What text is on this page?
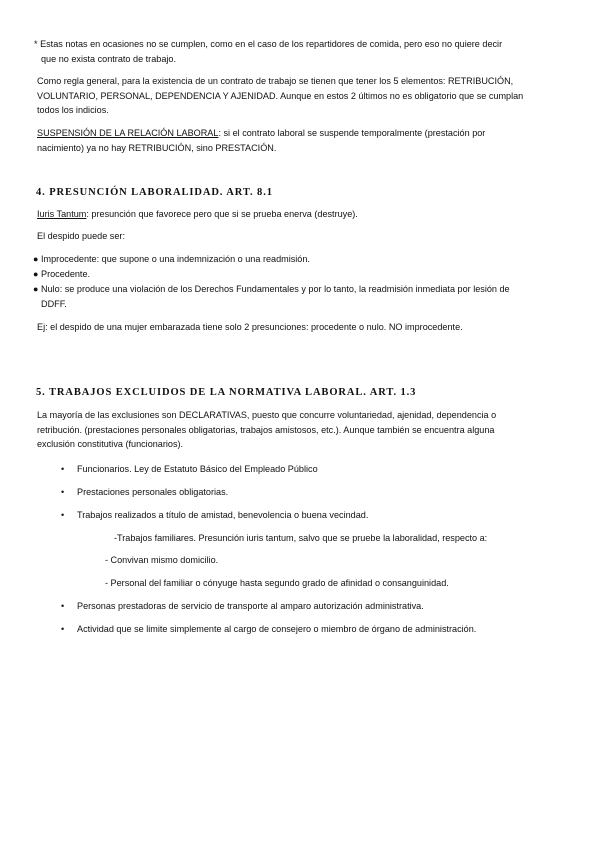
* Estas notas en ocasiones no se cumplen, como en el caso de los repartidores de comida, pero eso no quiere decir

que no exista contrato de trabajo.

Como regla general, para la existencia de un contrato de trabajo se tienen que tener los 5 elementos: RETRIBUCIÓN,

VOLUNTARIO, PERSONAL, DEPENDENCIA Y AJENIDAD. Aunque en estos 2 últimos no es obligatorio que se cumplan

todos los indicios.

SUSPENSIÓN DE LA RELACIÓN LABORAL: si el contrato laboral se suspende temporalmente (prestación por

nacimiento) ya no hay RETRIBUCIÓN, sino PRESTACIÓN.

4. PRESUNCIÓN LABORALIDAD. ART. 8.1

Iuris Tantum: presunción que favorece pero que si se prueba enerva (destruye).

El despido puede ser:

● Improcedente: que supone o una indemnización o una readmisión.
● Procedente.
● Nulo: se produce una violación de los Derechos Fundamentales y por lo tanto, la readmisión inmediata por lesión de
DDFF.

Ej: el despido de una mujer embarazada tiene solo 2 presunciones: procedente o nulo. NO improcedente.

5. TRABAJOS EXCLUIDOS DE LA NORMATIVA LABORAL. ART. 1.3

La mayoría de las exclusiones son DECLARATIVAS, puesto que concurre voluntariedad, ajenidad, dependencia o

retribución. (prestaciones personales obligatorias, trabajos amistosos, etc.). Aunque también se encuentra alguna

exclusión constitutiva (funcionarios).

• Funcionarios. Ley de Estatuto Básico del Empleado Público
• Prestaciones personales obligatorias.
• Trabajos realizados a título de amistad, benevolencia o buena vecindad.

-Trabajos familiares. Presunción iuris tantum, salvo que se pruebe la laboralidad, respecto a:

- Convivan mismo domicilio.

- Personal del familiar o cónyuge hasta segundo grado de afinidad o consanguinidad.

• Personas prestadoras de servicio de transporte al amparo autorización administrativa.
• Actividad que se limite simplemente al cargo de consejero o miembro de órgano de administración.
